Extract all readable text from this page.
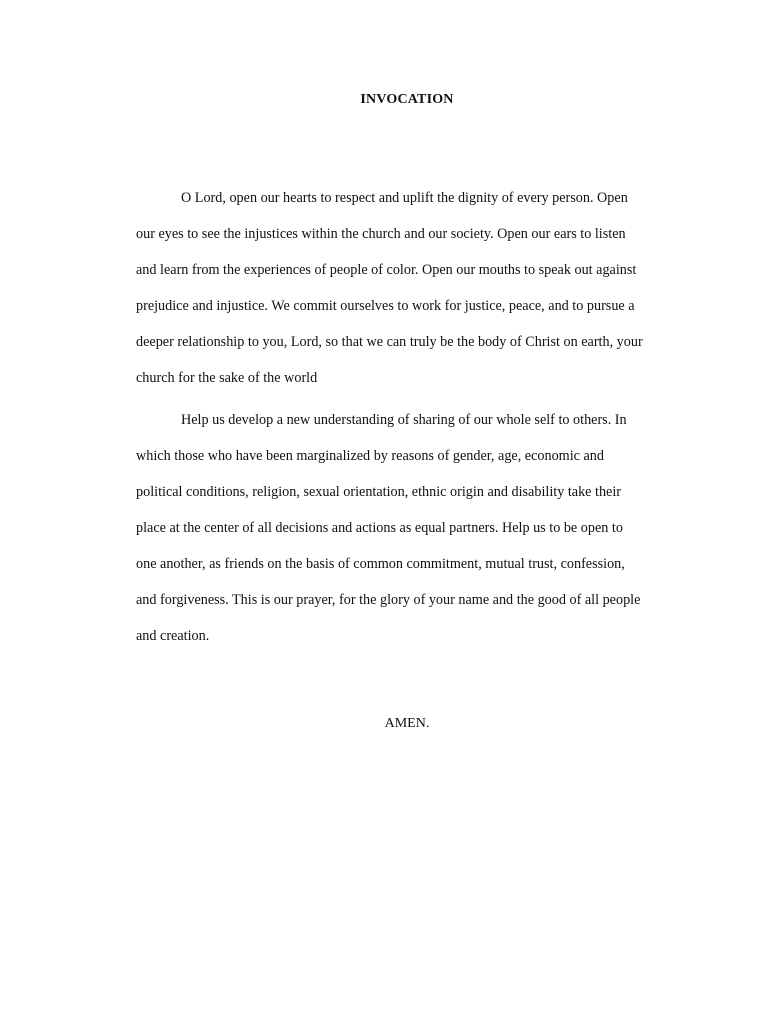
INVOCATION

O Lord, open our hearts to respect and uplift the dignity of every person. Open
our eyes to see the injustices within the church and our society. Open our ears to listen
and learn from the experiences of people of color. Open our mouths to speak out against
prejudice and injustice. We commit ourselves to work for justice, peace, and to pursue a
deeper relationship to you, Lord, so that we can truly be the body of Christ on earth, your
church for the sake of the world

Help us develop a new understanding of sharing of our whole self to others. In
which those who have been marginalized by reasons of gender, age, economic and
political conditions, religion, sexual orientation, ethnic origin and disability take their
place at the center of all decisions and actions as equal partners. Help us to be open to
one another, as friends on the basis of common commitment, mutual trust, confession,
and forgiveness. This is our prayer, for the glory of your name and the good of all people
and creation.

AMEN.
